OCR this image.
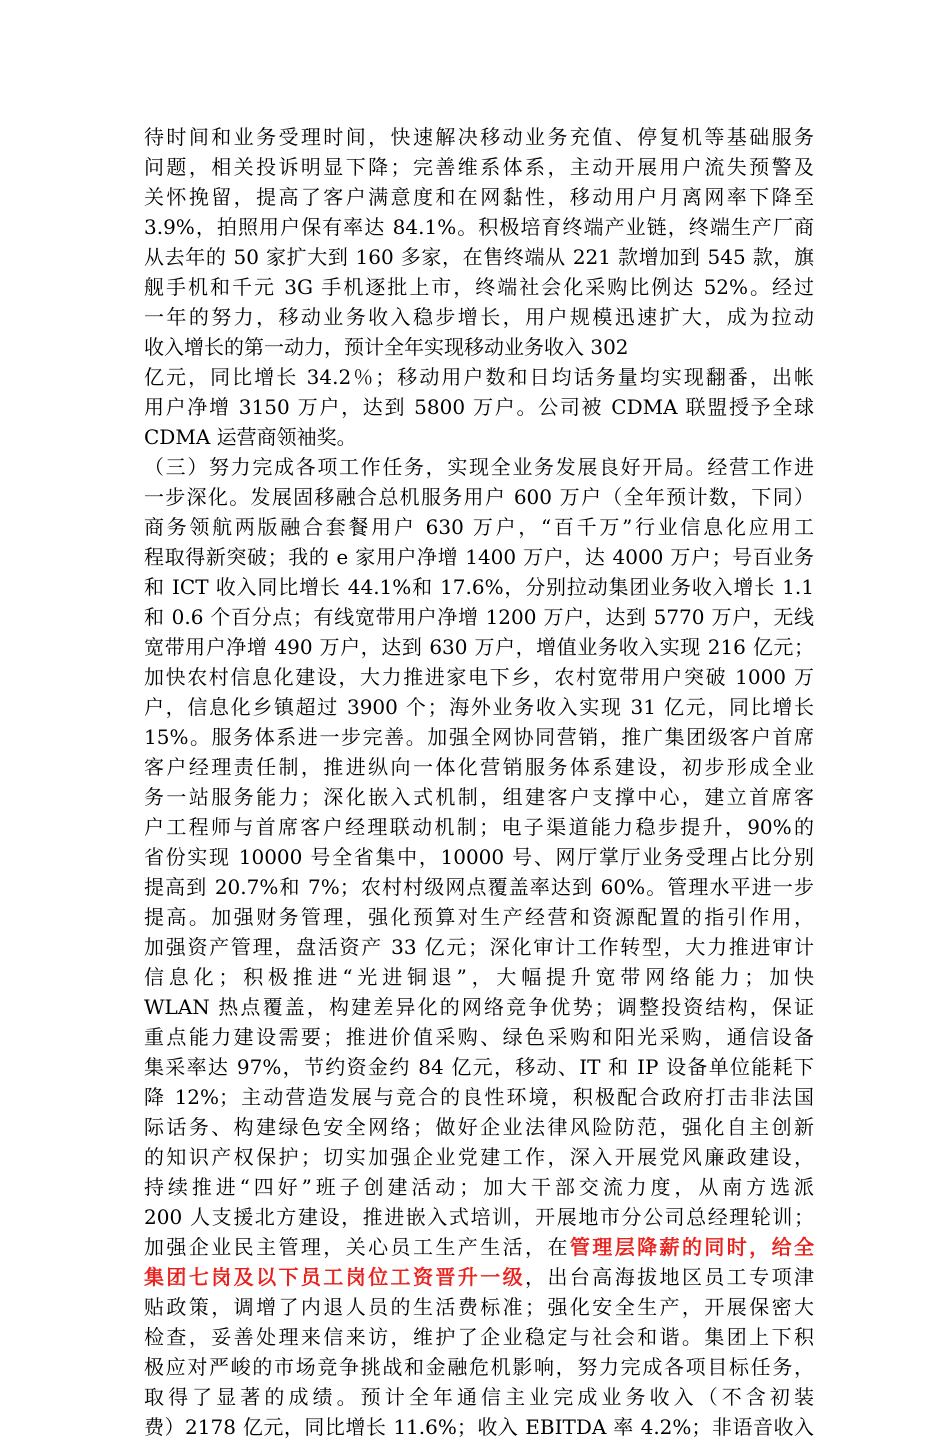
待时间和业务受理时间，快速解决移动业务充值、停复机等基础服务
问题，相关投诉明显下降；完善维系体系，主动开展用户流失预警及
关怀挽留，提高了客户满意度和在网黏性，移动用户月离网率下降至
3.9%，拍照用户保有率达 84.1%。积极培育终端产业链，终端生产厂商
从去年的 50 家扩大到 160 多家，在售终端从 221 款增加到 545 款，旗
舰手机和千元 3G 手机逐批上市，终端社会化采购比例达 52%。经过
一年的努力，移动业务收入稳步增长，用户规模迅速扩大，成为拉动
收入增长的第一动力，预计全年实现移动业务收入 302
亿元，同比增长 34.2％；移动用户数和日均话务量均实现翻番，出帐
用户净增 3150 万户，达到 5800 万户。公司被 CDMA 联盟授予全球
CDMA 运营商领袖奖。
（三）努力完成各项工作任务，实现全业务发展良好开局。经营工作进
一步深化。发展固移融合总机服务用户 600 万户（全年预计数，下同）
商务领航两版融合套餐用户 630 万户，“百千万”行业信息化应用工
程取得新突破；我的 e 家用户净增 1400 万户，达 4000 万户；号百业务
和 ICT 收入同比增长 44.1%和 17.6%，分别拉动集团业务收入增长 1.1
和 0.6 个百分点；有线宽带用户净增 1200 万户，达到 5770 万户，无线
宽带用户净增 490 万户，达到 630 万户，增值业务收入实现 216 亿元；
加快农村信息化建设，大力推进家电下乡，农村宽带用户突破 1000 万
户，信息化乡镇超过 3900 个；海外业务收入实现 31 亿元，同比增长
15%。服务体系进一步完善。加强全网协同营销，推广集团级客户首席
客户经理责任制，推进纵向一体化营销服务体系建设，初步形成全业
务一站服务能力；深化嵌入式机制，组建客户支撑中心，建立首席客
户工程师与首席客户经理联动机制；电子渠道能力稳步提升，90%的
省份实现 10000 号全省集中，10000 号、网厅掌厅业务受理占比分别
提高到 20.7%和 7%；农村村级网点覆盖率达到 60%。管理水平进一步
提高。加强财务管理，强化预算对生产经营和资源配置的指引作用，
加强资产管理，盘活资产 33 亿元；深化审计工作转型，大力推进审计
信息化；积极推进“光进铜退”，大幅提升宽带网络能力；加快
WLAN 热点覆盖，构建差异化的网络竞争优势；调整投资结构，保证
重点能力建设需要；推进价值采购、绿色采购和阳光采购，通信设备
集采率达 97%，节约资金约 84 亿元，移动、IT 和 IP 设备单位能耗下
降 12%；主动营造发展与竞合的良性环境，积极配合政府打击非法国
际话务、构建绿色安全网络；做好企业法律风险防范，强化自主创新
的知识产权保护；切实加强企业党建工作，深入开展党风廉政建设，
持续推进“四好”班子创建活动；加大干部交流力度，从南方选派
200 人支援北方建设，推进嵌入式培训，开展地市分公司总经理轮训；
加强企业民主管理，关心员工生产生活，在管理层降薪的同时，给全
集团七岗及以下员工岗位工资晋升一级，出台高海拔地区员工专项津
贴政策，调增了内退人员的生活费标准；强化安全生产，开展保密大
检查，妥善处理来信来访，维护了企业稳定与社会和谐。集团上下积
极应对严峻的市场竞争挑战和金融危机影响，努力完成各项目标任务，
取得了显著的成绩。预计全年通信主业完成业务收入（不含初装
费）2178 亿元，同比增长 11.6%；收入 EBITDA 率 4.2%；非语音收入
